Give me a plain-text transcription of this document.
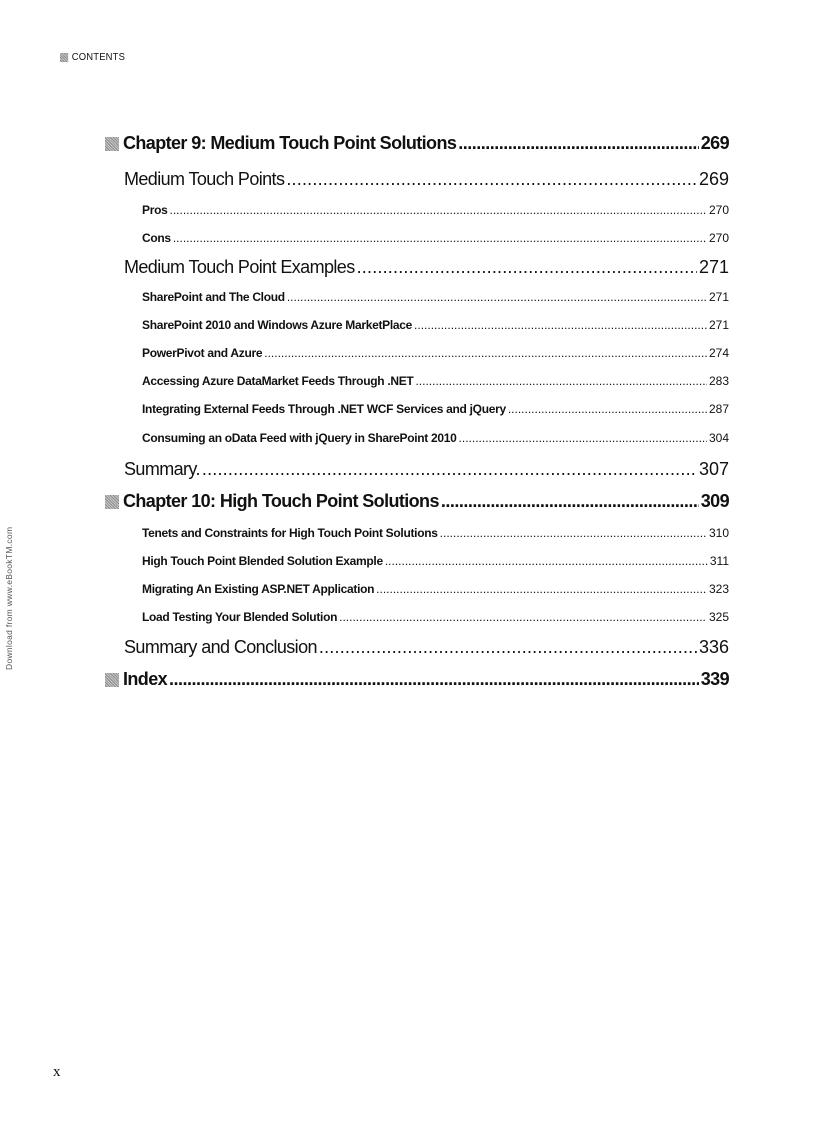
CONTENTS
Download from www.eBookTM.com
Chapter 9: Medium Touch Point Solutions .....	269
Medium Touch Points .....	269
Pros .....	270
Cons .....	270
Medium Touch Point Examples .....	271
SharePoint and The Cloud .....	271
SharePoint 2010 and Windows Azure MarketPlace .....	271
PowerPivot and Azure .....	274
Accessing Azure DataMarket Feeds Through .NET .....	283
Integrating External Feeds Through .NET WCF Services and jQuery .....	287
Consuming an oData Feed with jQuery in SharePoint 2010 .....	304
Summary. .....	307
Chapter 10: High Touch Point Solutions .....	309
Tenets and Constraints for High Touch Point Solutions .....	310
High Touch Point Blended Solution Example .....	311
Migrating An Existing ASP.NET Application .....	323
Load Testing Your Blended Solution .....	325
Summary and Conclusion .....	336
Index .....	339
x
